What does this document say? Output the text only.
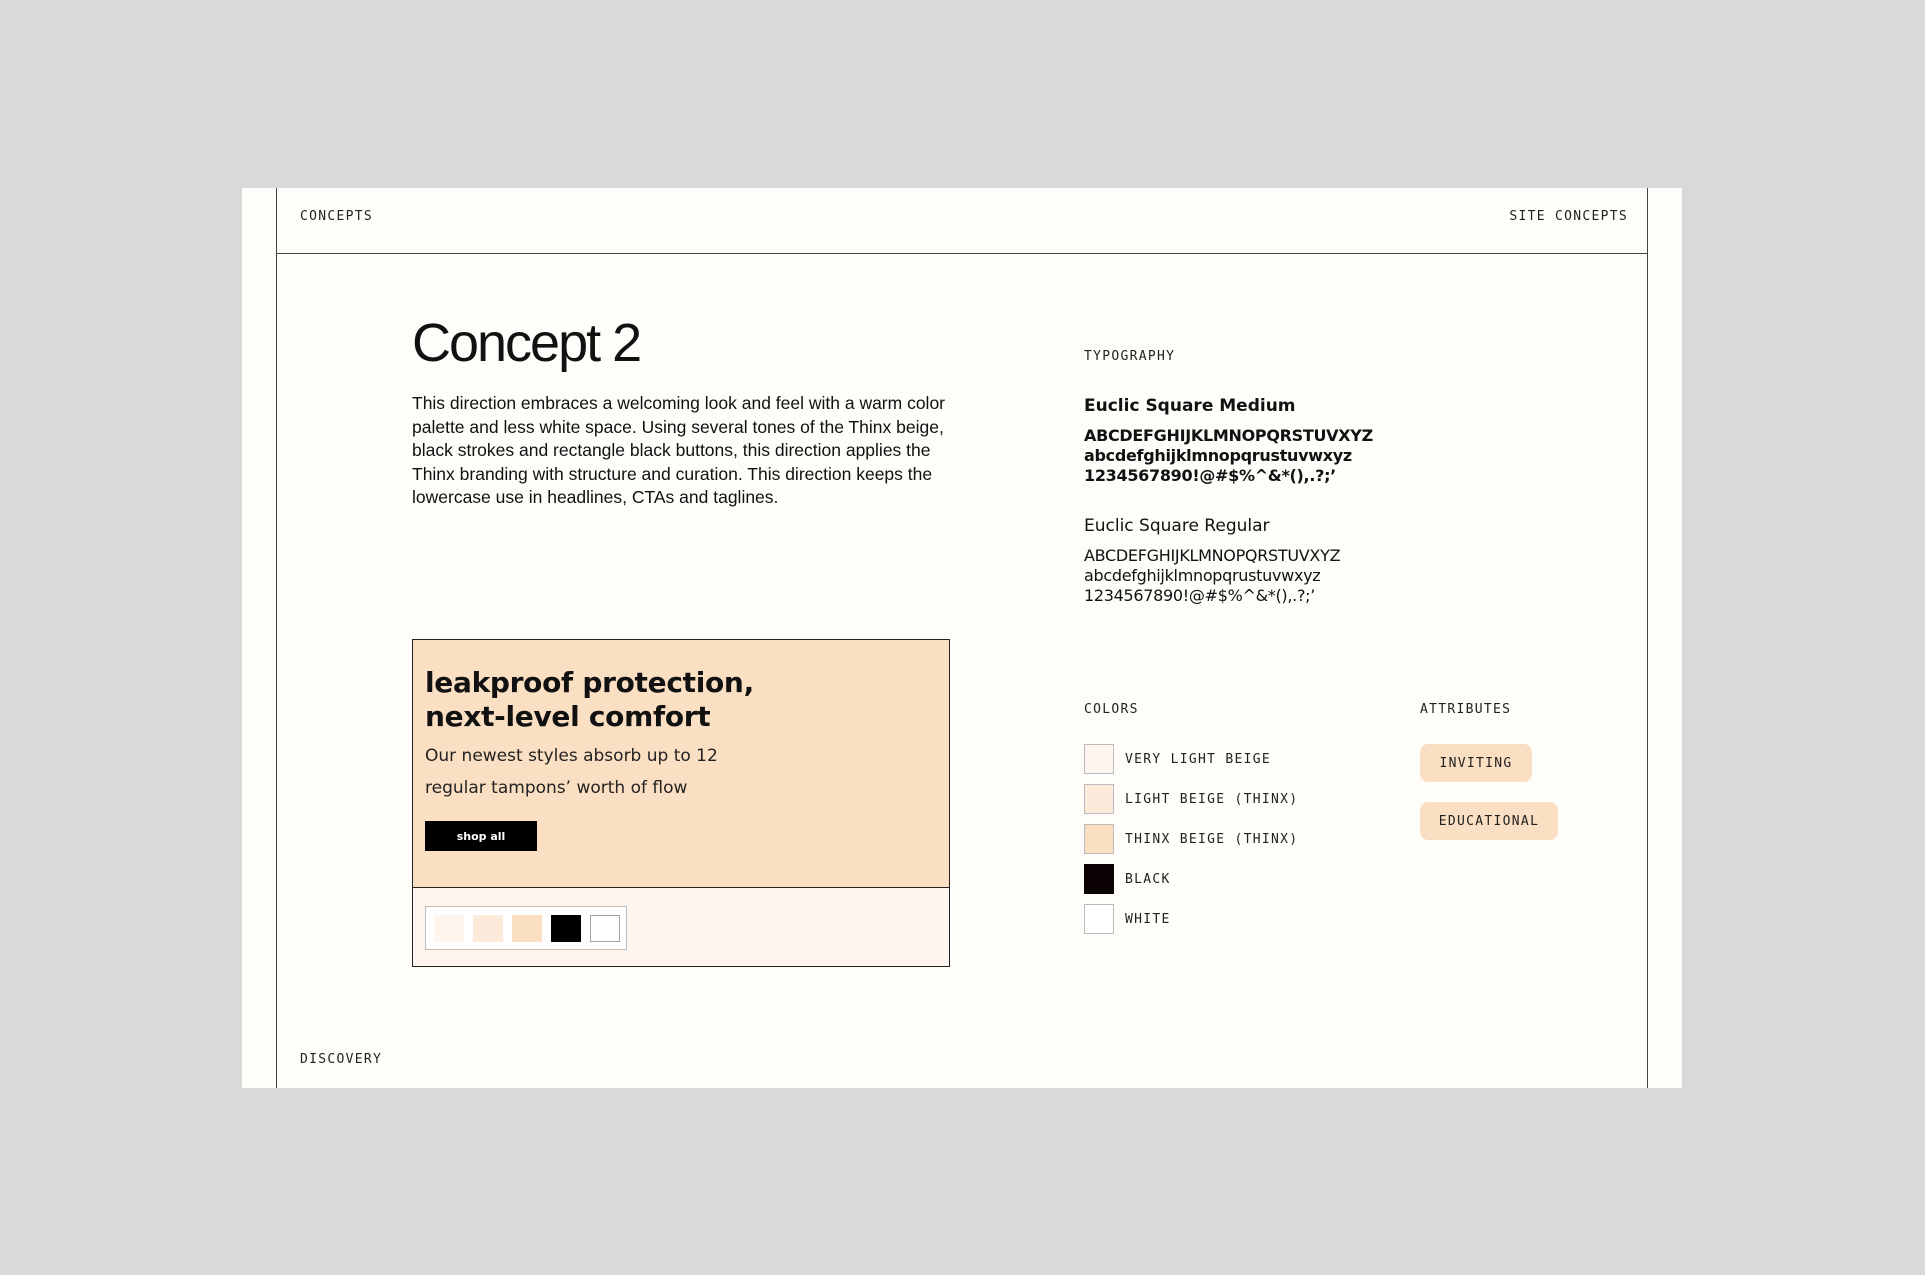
CONCEPTS	SITE CONCEPTS
DISCOVERY
Concept 2
This direction embraces a welcoming look and feel with a warm color palette and less white space. Using several tones of the Thinx beige, black strokes and rectangle black buttons, this direction applies the Thinx branding with structure and curation. This direction keeps the lowercase use in headlines, CTAs and taglines.
leakproof protection,
next-level comfort
Our newest styles absorb up to 12 regular tampons’ worth of flow
shop all
TYPOGRAPHY
Euclic Square Medium
ABCDEFGHIJKLMNOPQRSTUVXYZ
abcdefghijklmnopqrustuvwxyz
1234567890!@#$%^&*(),.?;’
Euclic Square Regular
ABCDEFGHIJKLMNOPQRSTUVXYZ
abcdefghijklmnopqrustuvwxyz
1234567890!@#$%^&*(),.?;’
COLORS
VERY LIGHT BEIGE
LIGHT BEIGE (THINX)
THINX BEIGE (THINX)
BLACK
WHITE
ATTRIBUTES
INVITING
EDUCATIONAL
